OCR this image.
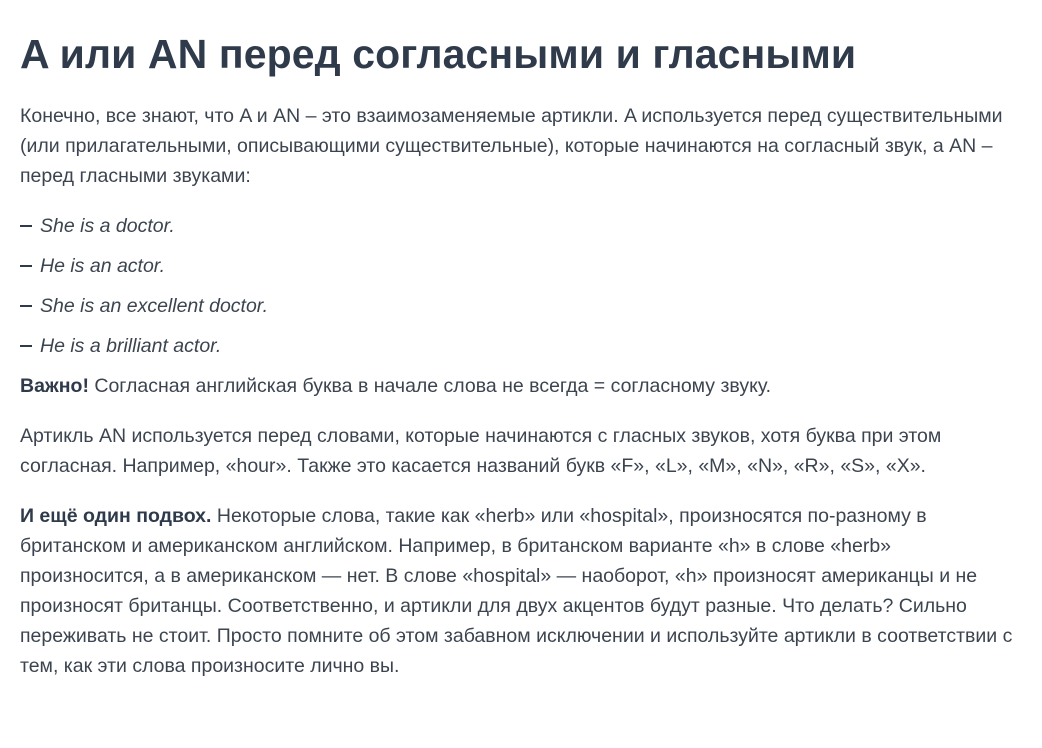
A или AN перед согласными и гласными

Конечно, все знают, что A и AN – это взаимозаменяемые артикли. A используется перед существительными (или прилагательными, описывающими существительные), которые начинаются на согласный звук, а AN – перед гласными звуками:

She is a doctor.
He is an actor.
She is an excellent doctor.
He is a brilliant actor.

Важно! Согласная английская буква в начале слова не всегда = согласному звуку.

Артикль AN используется перед словами, которые начинаются с гласных звуков, хотя буква при этом согласная. Например, «hour». Также это касается названий букв «F», «L», «M», «N», «R», «S», «X».

И ещё один подвох. Некоторые слова, такие как «herb» или «hospital», произносятся по-разному в британском и американском английском. Например, в британском варианте «h» в слове «herb» произносится, а в американском — нет. В слове «hospital» — наоборот, «h» произносят американцы и не произносят британцы. Соответственно, и артикли для двух акцентов будут разные. Что делать? Сильно переживать не стоит. Просто помните об этом забавном исключении и используйте артикли в соответствии с тем, как эти слова произносите лично вы.
